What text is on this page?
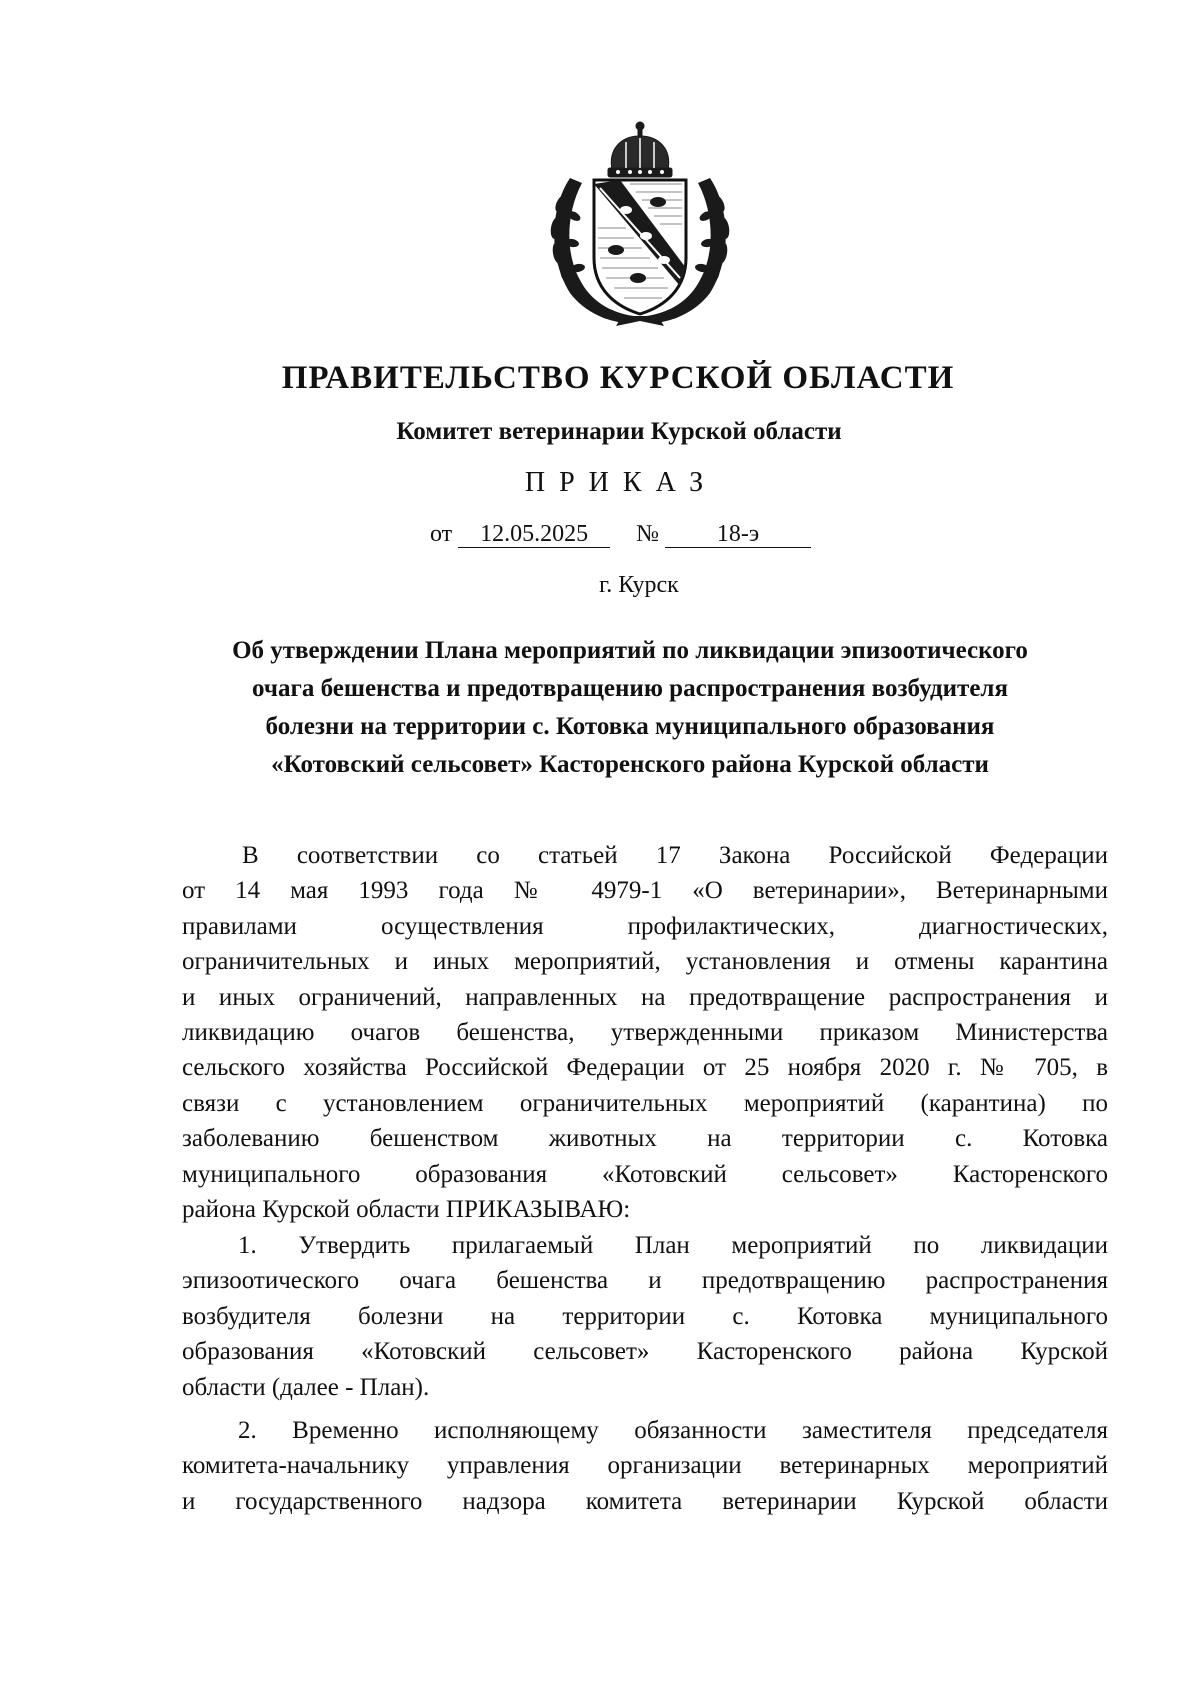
ПРАВИТЕЛЬСТВО КУРСКОЙ ОБЛАСТИ
Комитет ветеринарии Курской области
ПРИКАЗ
от 12.05.2025 № 18-э
г. Курск
Об утверждении Плана мероприятий по ликвидации эпизоотического
очага бешенства и предотвращению распространения возбудителя
болезни на территории с. Котовка муниципального образования
«Котовский сельсовет» Касторенского района Курской области
В соответствии со статьей 17 Закона Российской Федерации
от 14 мая 1993 года № 4979-1 «О ветеринарии», Ветеринарными
правилами осуществления профилактических, диагностических,
ограничительных и иных мероприятий, установления и отмены карантина
и иных ограничений, направленных на предотвращение распространения и
ликвидацию очагов бешенства, утвержденными приказом Министерства
сельского хозяйства Российской Федерации от 25 ноября 2020 г. № 705, в
связи с установлением ограничительных мероприятий (карантина) по
заболеванию бешенством животных на территории с. Котовка
муниципального образования «Котовский сельсовет» Касторенского
района Курской области ПРИКАЗЫВАЮ:
1. Утвердить прилагаемый План мероприятий по ликвидации
эпизоотического очага бешенства и предотвращению распространения
возбудителя болезни на территории с. Котовка муниципального
образования «Котовский сельсовет» Касторенского района Курской
области (далее - План).
2. Временно исполняющему обязанности заместителя председателя
комитета-начальнику управления организации ветеринарных мероприятий
и государственного надзора комитета ветеринарии Курской области
